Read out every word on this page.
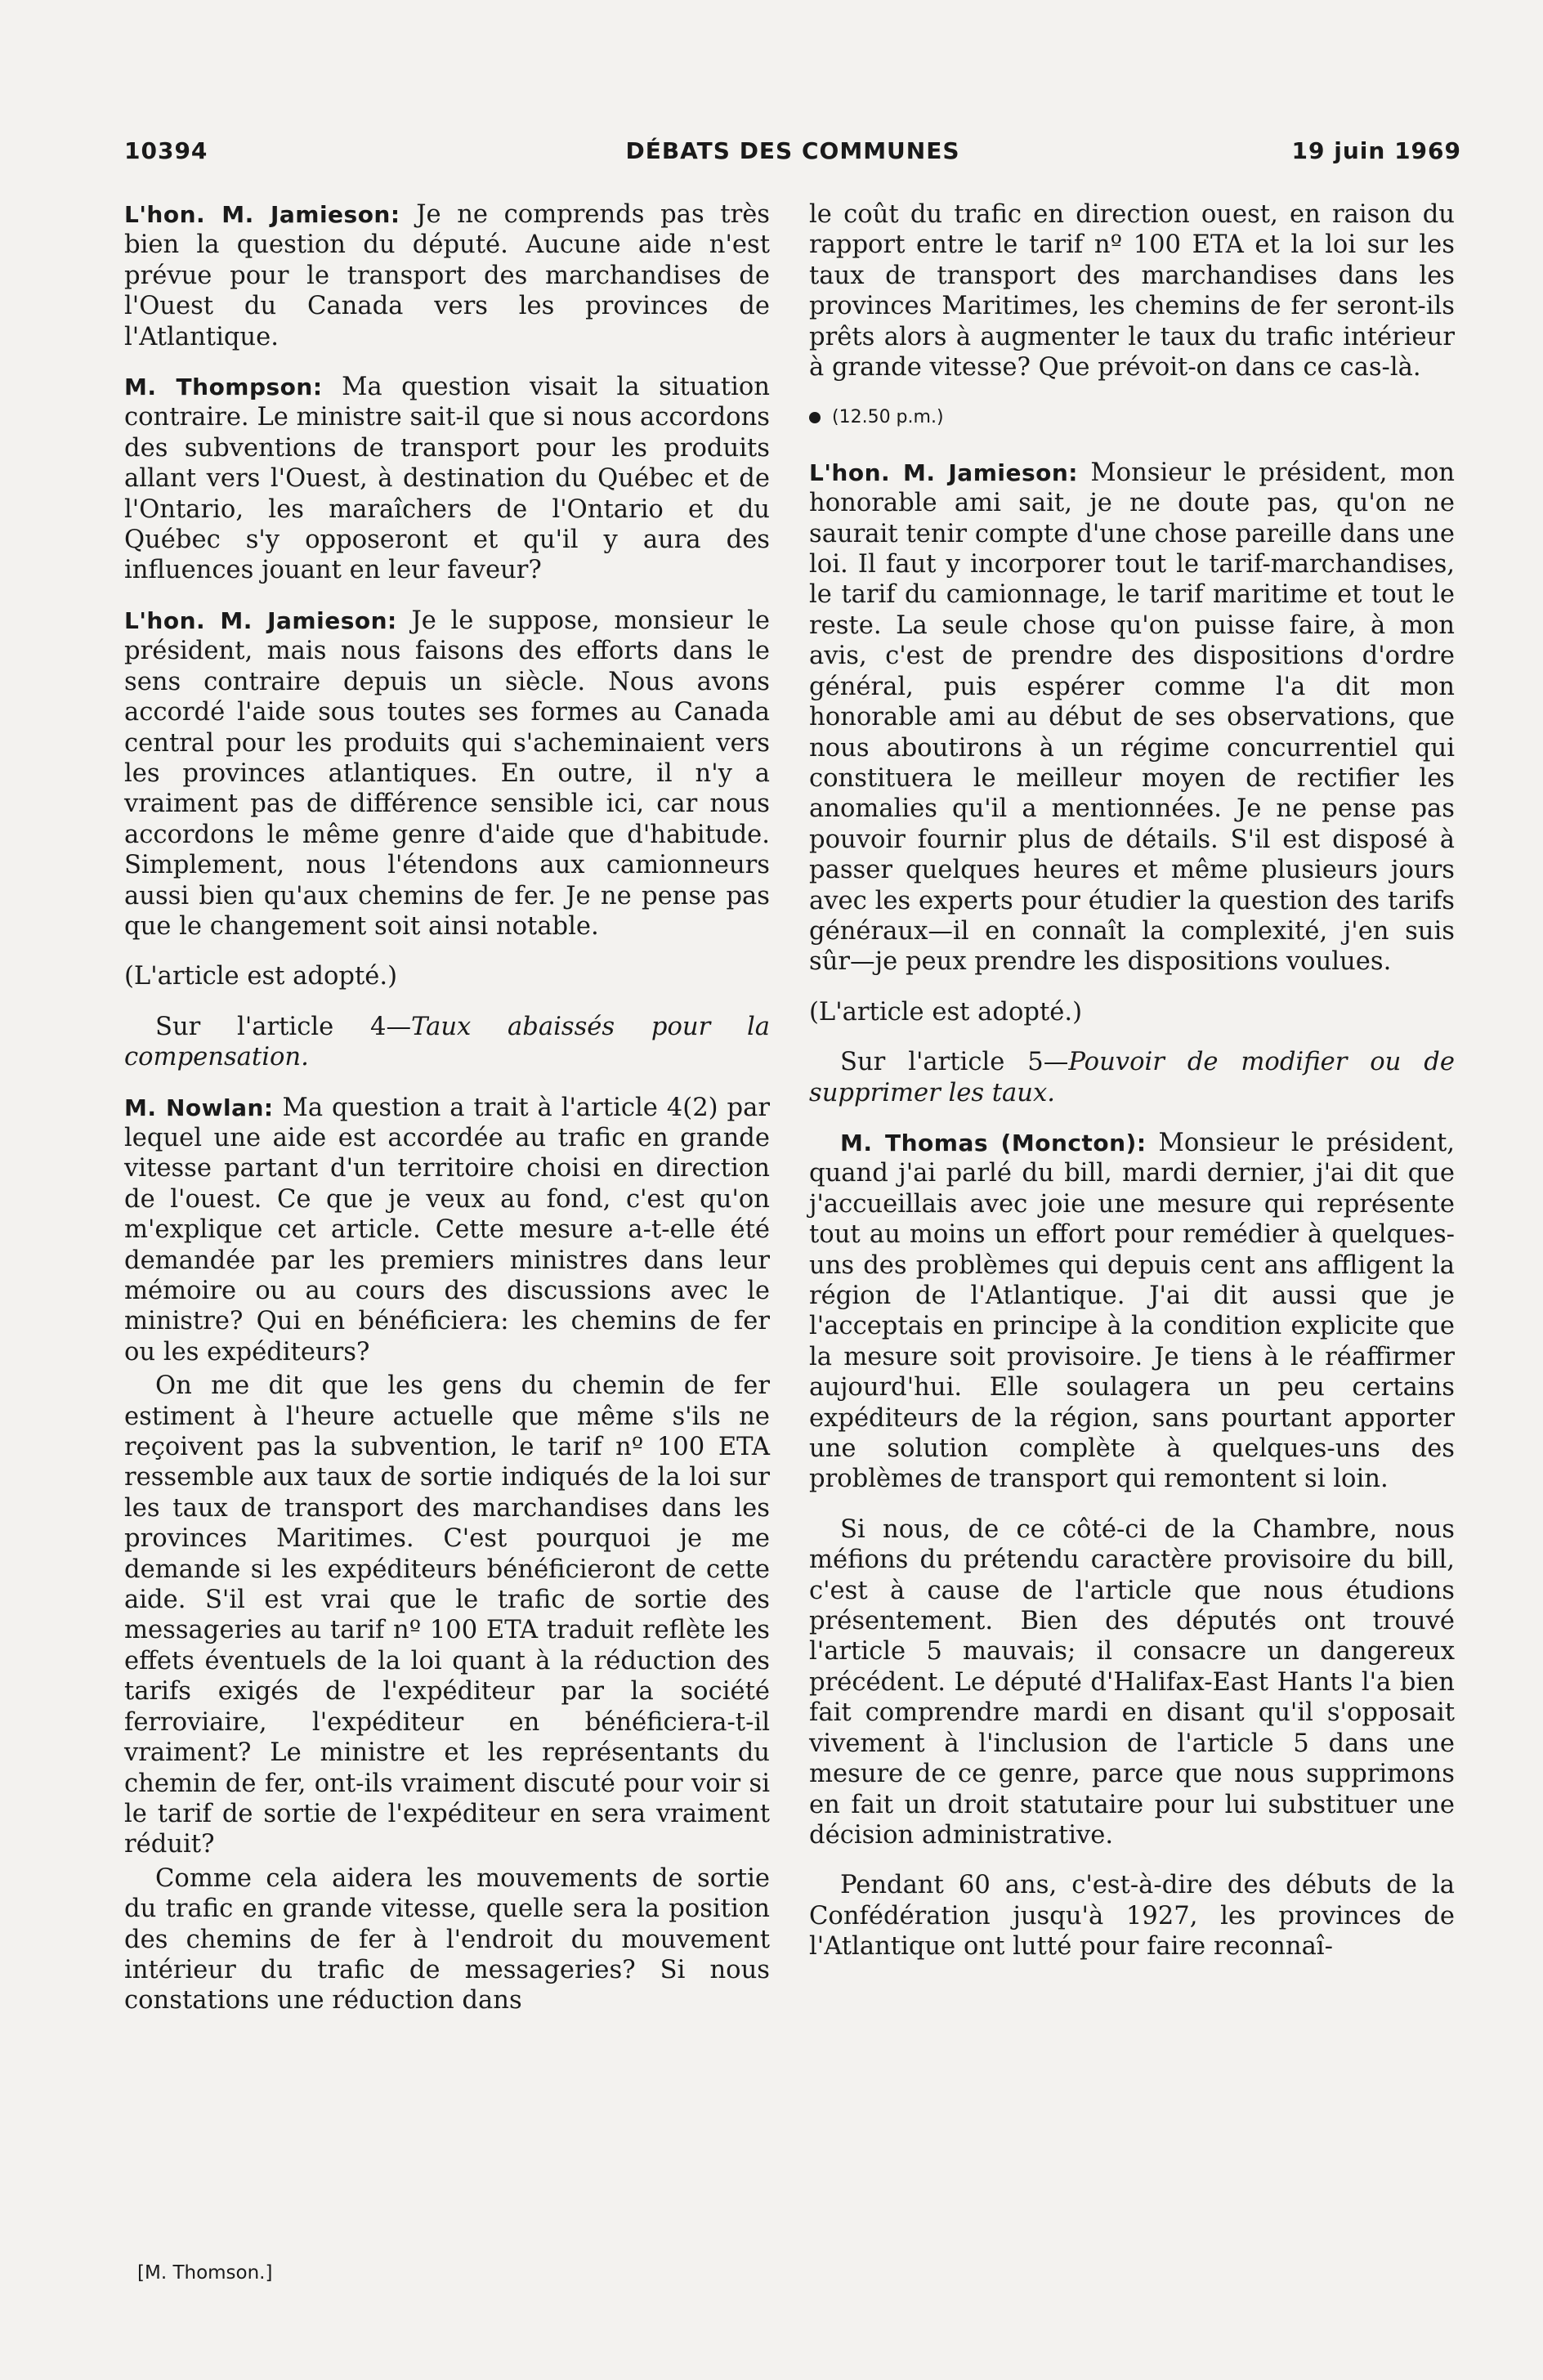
10394	DÉBATS DES COMMUNES	19 juin 1969

L'hon. M. Jamieson: Je ne comprends pas très bien la question du député. Aucune aide n'est prévue pour le transport des marchandises de l'Ouest du Canada vers les provinces de l'Atlantique.

M. Thompson: Ma question visait la situation contraire. Le ministre sait-il que si nous accordons des subventions de transport pour les produits allant vers l'Ouest, à destination du Québec et de l'Ontario, les maraîchers de l'Ontario et du Québec s'y opposeront et qu'il y aura des influences jouant en leur faveur?

L'hon. M. Jamieson: Je le suppose, monsieur le président, mais nous faisons des efforts dans le sens contraire depuis un siècle. Nous avons accordé l'aide sous toutes ses formes au Canada central pour les produits qui s'acheminaient vers les provinces atlantiques. En outre, il n'y a vraiment pas de différence sensible ici, car nous accordons le même genre d'aide que d'habitude. Simplement, nous l'étendons aux camionneurs aussi bien qu'aux chemins de fer. Je ne pense pas que le changement soit ainsi notable.

(L'article est adopté.)

Sur l'article 4—Taux abaissés pour la compensation.

M. Nowlan: Ma question a trait à l'article 4(2) par lequel une aide est accordée au trafic en grande vitesse partant d'un territoire choisi en direction de l'ouest. Ce que je veux au fond, c'est qu'on m'explique cet article. Cette mesure a-t-elle été demandée par les premiers ministres dans leur mémoire ou au cours des discussions avec le ministre? Qui en bénéficiera: les chemins de fer ou les expéditeurs?

On me dit que les gens du chemin de fer estiment à l'heure actuelle que même s'ils ne reçoivent pas la subvention, le tarif nº 100 ETA ressemble aux taux de sortie indiqués de la loi sur les taux de transport des marchandises dans les provinces Maritimes. C'est pourquoi je me demande si les expéditeurs bénéficieront de cette aide. S'il est vrai que le trafic de sortie des messageries au tarif nº 100 ETA traduit reflète les effets éventuels de la loi quant à la réduction des tarifs exigés de l'expéditeur par la société ferroviaire, l'expéditeur en bénéficiera-t-il vraiment? Le ministre et les représentants du chemin de fer, ont-ils vraiment discuté pour voir si le tarif de sortie de l'expéditeur en sera vraiment réduit?

Comme cela aidera les mouvements de sortie du trafic en grande vitesse, quelle sera la position des chemins de fer à l'endroit du mouvement intérieur du trafic de messageries? Si nous constations une réduction dans

[M. Thomson.]

le coût du trafic en direction ouest, en raison du rapport entre le tarif nº 100 ETA et la loi sur les taux de transport des marchandises dans les provinces Maritimes, les chemins de fer seront-ils prêts alors à augmenter le taux du trafic intérieur à grande vitesse? Que prévoit-on dans ce cas-là.

(12.50 p.m.)

L'hon. M. Jamieson: Monsieur le président, mon honorable ami sait, je ne doute pas, qu'on ne saurait tenir compte d'une chose pareille dans une loi. Il faut y incorporer tout le tarif-marchandises, le tarif du camionnage, le tarif maritime et tout le reste. La seule chose qu'on puisse faire, à mon avis, c'est de prendre des dispositions d'ordre général, puis espérer comme l'a dit mon honorable ami au début de ses observations, que nous aboutirons à un régime concurrentiel qui constituera le meilleur moyen de rectifier les anomalies qu'il a mentionnées. Je ne pense pas pouvoir fournir plus de détails. S'il est disposé à passer quelques heures et même plusieurs jours avec les experts pour étudier la question des tarifs généraux—il en connaît la complexité, j'en suis sûr—je peux prendre les dispositions voulues.

(L'article est adopté.)

Sur l'article 5—Pouvoir de modifier ou de supprimer les taux.

M. Thomas (Moncton): Monsieur le président, quand j'ai parlé du bill, mardi dernier, j'ai dit que j'accueillais avec joie une mesure qui représente tout au moins un effort pour remédier à quelques-uns des problèmes qui depuis cent ans affligent la région de l'Atlantique. J'ai dit aussi que je l'acceptais en principe à la condition explicite que la mesure soit provisoire. Je tiens à le réaffirmer aujourd'hui. Elle soulagera un peu certains expéditeurs de la région, sans pourtant apporter une solution complète à quelques-uns des problèmes de transport qui remontent si loin.

Si nous, de ce côté-ci de la Chambre, nous méfions du prétendu caractère provisoire du bill, c'est à cause de l'article que nous étudions présentement. Bien des députés ont trouvé l'article 5 mauvais; il consacre un dangereux précédent. Le député d'Halifax-East Hants l'a bien fait comprendre mardi en disant qu'il s'opposait vivement à l'inclusion de l'article 5 dans une mesure de ce genre, parce que nous supprimons en fait un droit statutaire pour lui substituer une décision administrative.

Pendant 60 ans, c'est-à-dire des débuts de la Confédération jusqu'à 1927, les provinces de l'Atlantique ont lutté pour faire reconnaî-
